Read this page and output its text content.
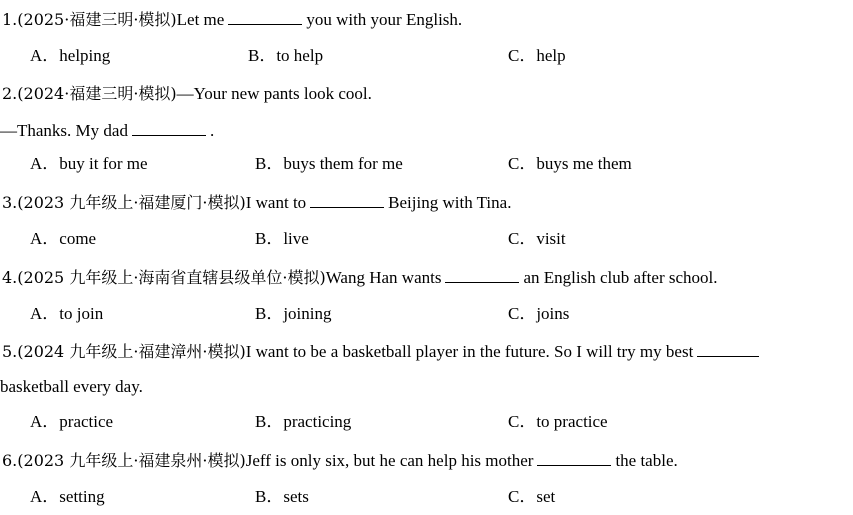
1.(2025·福建三明·模拟)Let me	you with your English.
A．helping	B．to help	C．help
2.(2024·福建三明·模拟)—Your new pants look cool.
—Thanks. My dad	.
A．buy it for me	B．buys them for me	C．buys me them
3.(2023 九年级上·福建厦门·模拟)I want to	Beijing with Tina.
A．come	B．live	C．visit
4.(2025 九年级上·海南省直辖县级单位·模拟)Wang Han wants	an English club after school.
A．to join	B．joining	C．joins
5.(2024 九年级上·福建漳州·模拟)I want to be a basketball player in the future. So I will try my best
basketball every day.
A．practice	B．practicing	C．to practice
6.(2023 九年级上·福建泉州·模拟)Jeff is only six, but he can help his mother	the table.
A．setting	B．sets	C．set
